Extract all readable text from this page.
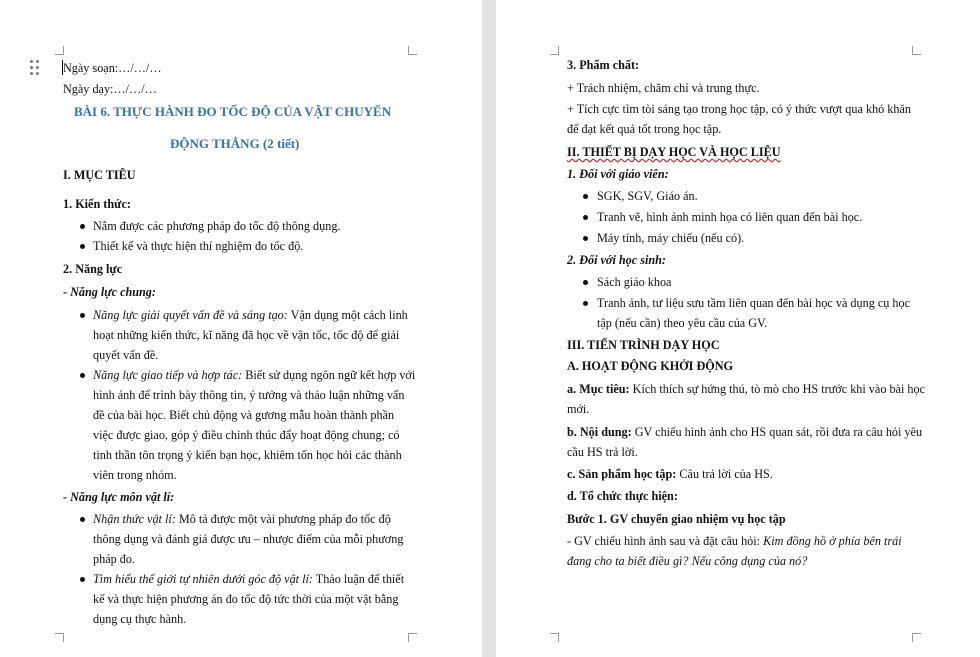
Ngày soạn:…/…/…

Ngày dạy:…/…/…

BÀI 6. THỰC HÀNH ĐO TỐC ĐỘ CỦA VẬT CHUYỂN

ĐỘNG THẲNG (2 tiết)

I. MỤC TIÊU

1. Kiến thức:

Nắm được các phương pháp đo tốc độ thông dụng.

Thiết kế và thực hiện thí nghiệm đo tốc độ.

2. Năng lực

- Năng lực chung:

Năng lực giải quyết vấn đề và sáng tạo: Vận dụng một cách linh

hoạt những kiến thức, kĩ năng đã học về vận tốc, tốc độ để giải

quyết vấn đề.

Năng lực giao tiếp và hợp tác: Biết sử dụng ngôn ngữ kết hợp với

hình ảnh để trình bày thông tin, ý tưởng và thảo luận những vấn

đề của bài học. Biết chủ động và gương mẫu hoàn thành phần

việc được giao, góp ý điều chỉnh thúc đẩy hoạt động chung; có

tinh thần tôn trọng ý kiến bạn học, khiêm tốn học hỏi các thành

viên trong nhóm.

- Năng lực môn vật lí:

Nhận thức vật lí: Mô tả được một vài phương pháp đo tốc độ

thông dụng và đánh giá được ưu – nhược điểm của mỗi phương

pháp đo.

Tìm hiểu thế giới tự nhiên dưới góc độ vật lí: Thảo luận để thiết

kế và thực hiện phương án đo tốc độ tức thời của một vật bằng

dụng cụ thực hành.

3. Phẩm chất:

+ Trách nhiệm, chăm chỉ và trung thực.

+ Tích cực tìm tòi sáng tạo trong học tập, có ý thức vượt qua khó khăn

để đạt kết quả tốt trong học tập.

II. THIẾT BỊ DẠY HỌC VÀ HỌC LIỆU

1. Đối với giáo viên:

SGK, SGV, Giáo án.

Tranh vẽ, hình ảnh minh họa có liên quan đến bài học.

Máy tính, máy chiếu (nếu có).

2. Đối với học sinh:

Sách giáo khoa

Tranh ảnh, tư liệu sưu tầm liên quan đến bài học và dụng cụ học

tập (nếu cần) theo yêu cầu của GV.

III. TIẾN TRÌNH DẠY HỌC

A. HOẠT ĐỘNG KHỞI ĐỘNG

a. Mục tiêu: Kích thích sự hứng thú, tò mò cho HS trước khi vào bài học

mới.

b. Nội dung: GV chiếu hình ảnh cho HS quan sát, rồi đưa ra câu hỏi yêu

cầu HS trả lời.

c. Sản phẩm học tập: Câu trả lời của HS.

d. Tổ chức thực hiện:

Bước 1. GV chuyển giao nhiệm vụ học tập

- GV chiếu hình ảnh sau và đặt câu hỏi: Kim đồng hồ ở phía bên trái

đang cho ta biết điều gì? Nếu công dụng của nó?
